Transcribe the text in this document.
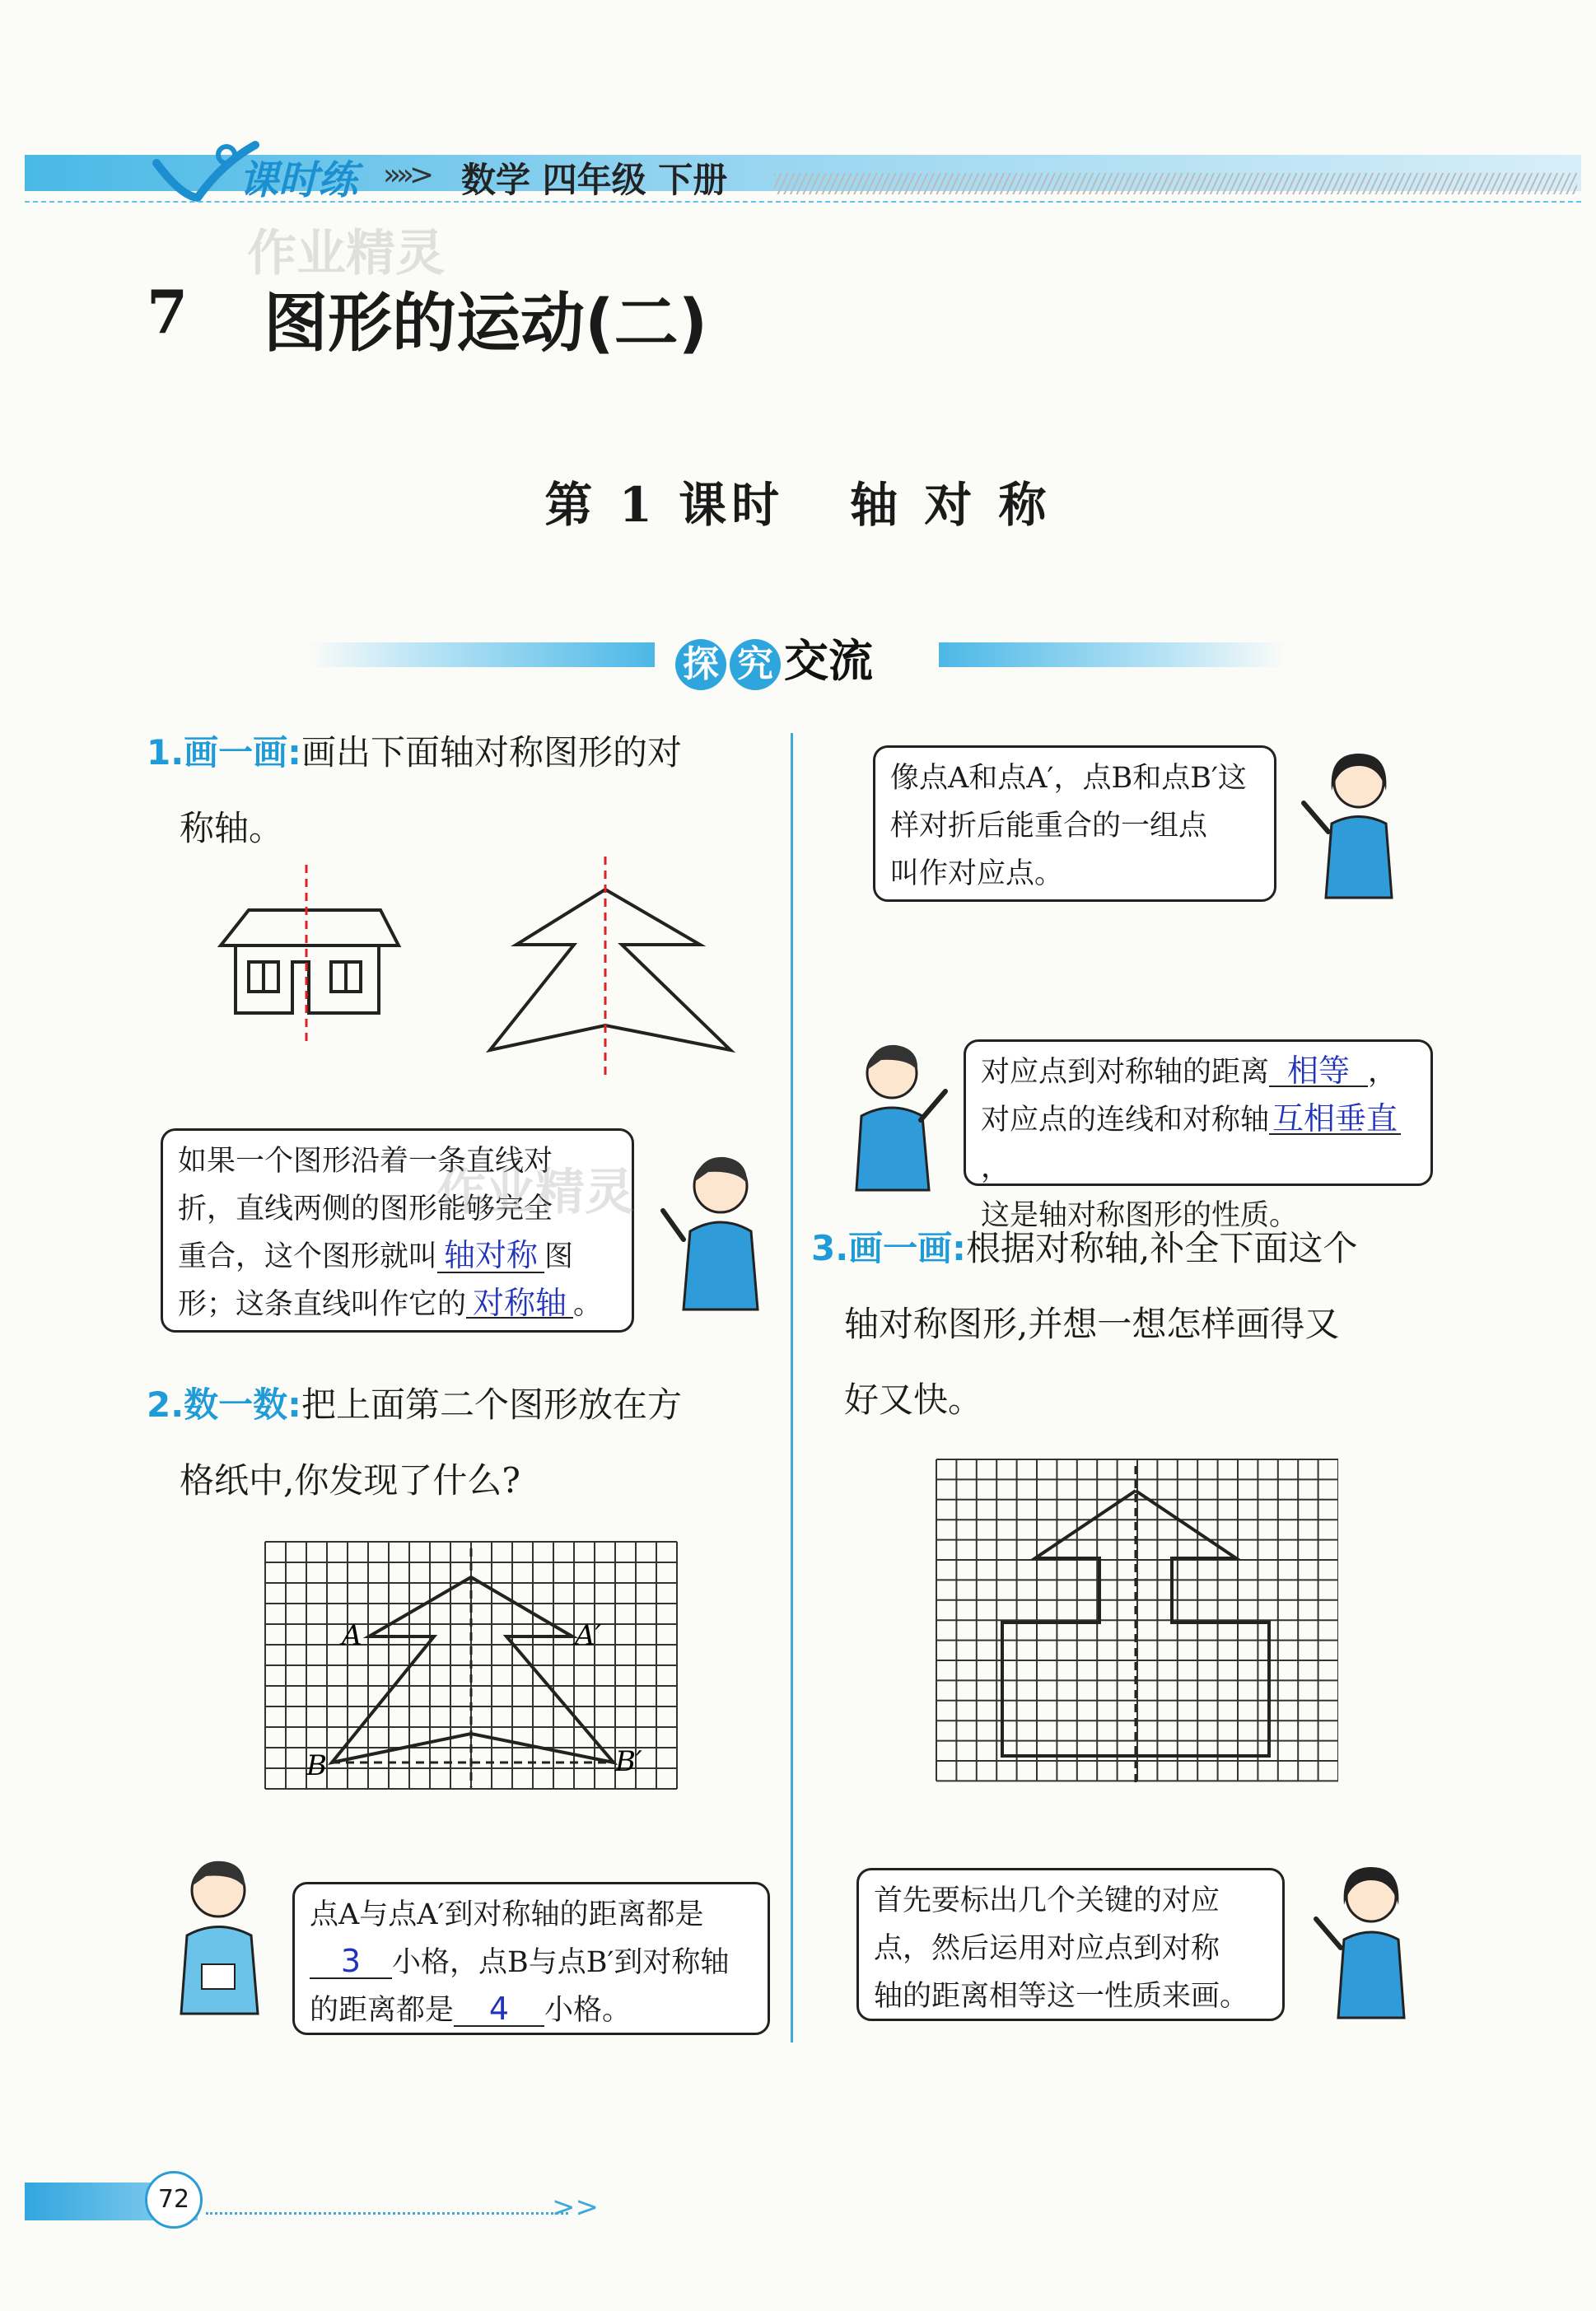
课时练 »»> 数学 四年级 下册
作业精灵
7 图形的运动(二)
第 1 课时 轴 对 称
探 究 交流
1.画一画:画出下面轴对称图形的对
称轴。
如果一个图形沿着一条直线对
折，直线两侧的图形能够完全
重合，这个图形就叫 轴对称 图
形；这条直线叫作它的 对称轴 。
作业精灵
2.数一数:把上面第二个图形放在方
格纸中,你发现了什么?
A	A′
B	B′
点A与点A′到对称轴的距离都是
3 小格，点B与点B′到对称轴
的距离都是 4 小格。
像点A和点A′，点B和点B′这
样对折后能重合的一组点
叫作对应点。
对应点到对称轴的距离 相等 ，
对应点的连线和对称轴 互相垂直，
这是轴对称图形的性质。
3.画一画:根据对称轴,补全下面这个
轴对称图形,并想一想怎样画得又
好又快。
首先要标出几个关键的对应
点，然后运用对应点到对称
轴的距离相等这一性质来画。
72	>>
